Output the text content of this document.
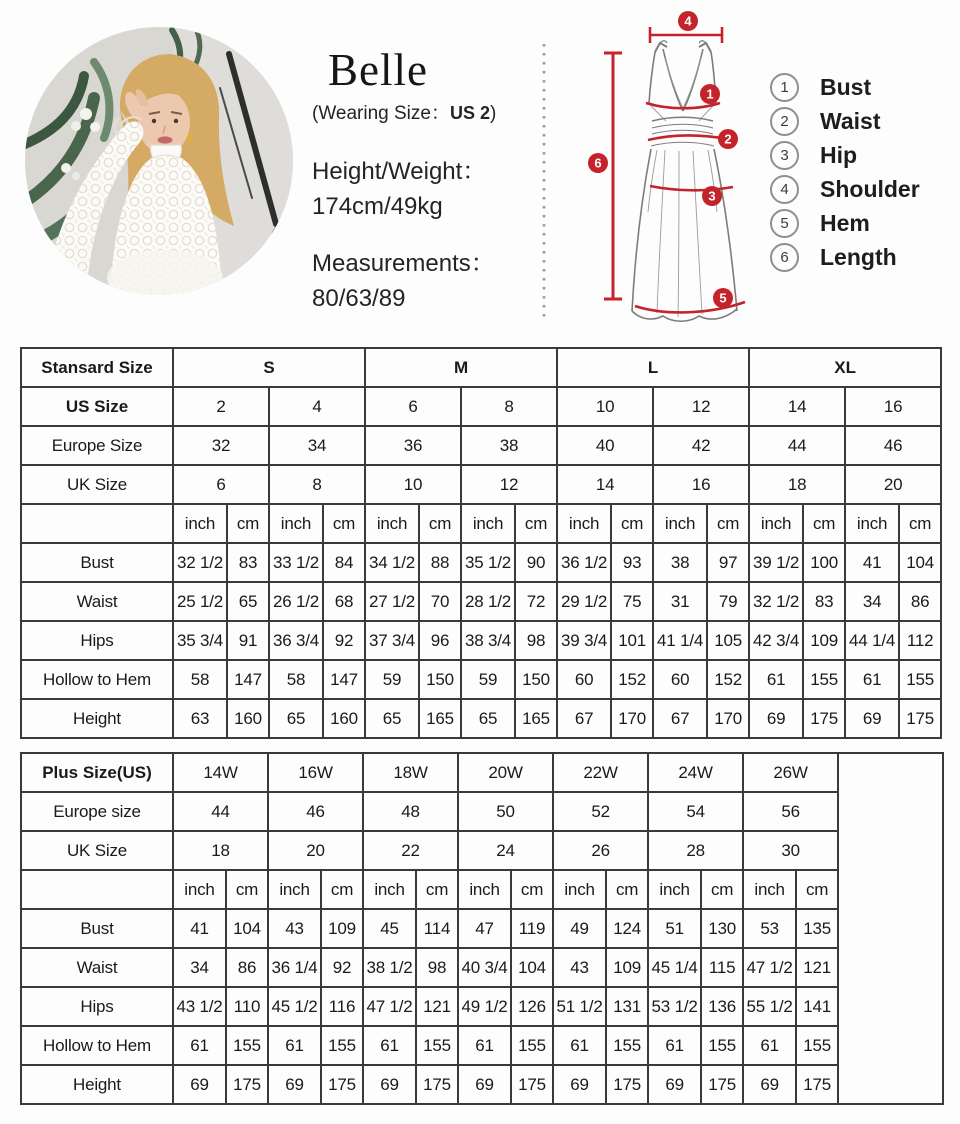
Belle
(Wearing Size：US 2)
Height/Weight：
174cm/49kg
Measurements：
80/63/89
4
1
2
3
5
6
1	Bust
2	Waist
3	Hip
4	Shoulder
5	Hem
6	Length
Stansard Size	S				M				L				XL			
US Size	2		4		6		8		10		12		14		16	
Europe Size	32		34		36		38		40		42		44		46	
UK Size	6		8		10		12		14		16		18		20	
	inch	cm	inch	cm	inch	cm	inch	cm	inch	cm	inch	cm	inch	cm	inch	cm
Bust	32 1/2	83	33 1/2	84	34 1/2	88	35 1/2	90	36 1/2	93	38	97	39 1/2	100	41	104
Waist	25 1/2	65	26 1/2	68	27 1/2	70	28 1/2	72	29 1/2	75	31	79	32 1/2	83	34	86
Hips	35 3/4	91	36 3/4	92	37 3/4	96	38 3/4	98	39 3/4	101	41 1/4	105	42 3/4	109	44 1/4	112
Hollow to Hem	58	147	58	147	59	150	59	150	60	152	60	152	61	155	61	155
Height	63	160	65	160	65	165	65	165	67	170	67	170	69	175	69	175
Plus Size(US)	14W		16W		18W		20W		22W		24W		26W		
Europe size	44		46		48		50		52		54		56		
UK Size	18		20		22		24		26		28		30		
	inch	cm	inch	cm	inch	cm	inch	cm	inch	cm	inch	cm	inch	cm	
Bust	41	104	43	109	45	114	47	119	49	124	51	130	53	135	
Waist	34	86	36 1/4	92	38 1/2	98	40 3/4	104	43	109	45 1/4	115	47 1/2	121	
Hips	43 1/2	110	45 1/2	116	47 1/2	121	49 1/2	126	51 1/2	131	53 1/2	136	55 1/2	141	
Hollow to Hem	61	155	61	155	61	155	61	155	61	155	61	155	61	155	
Height	69	175	69	175	69	175	69	175	69	175	69	175	69	175	
